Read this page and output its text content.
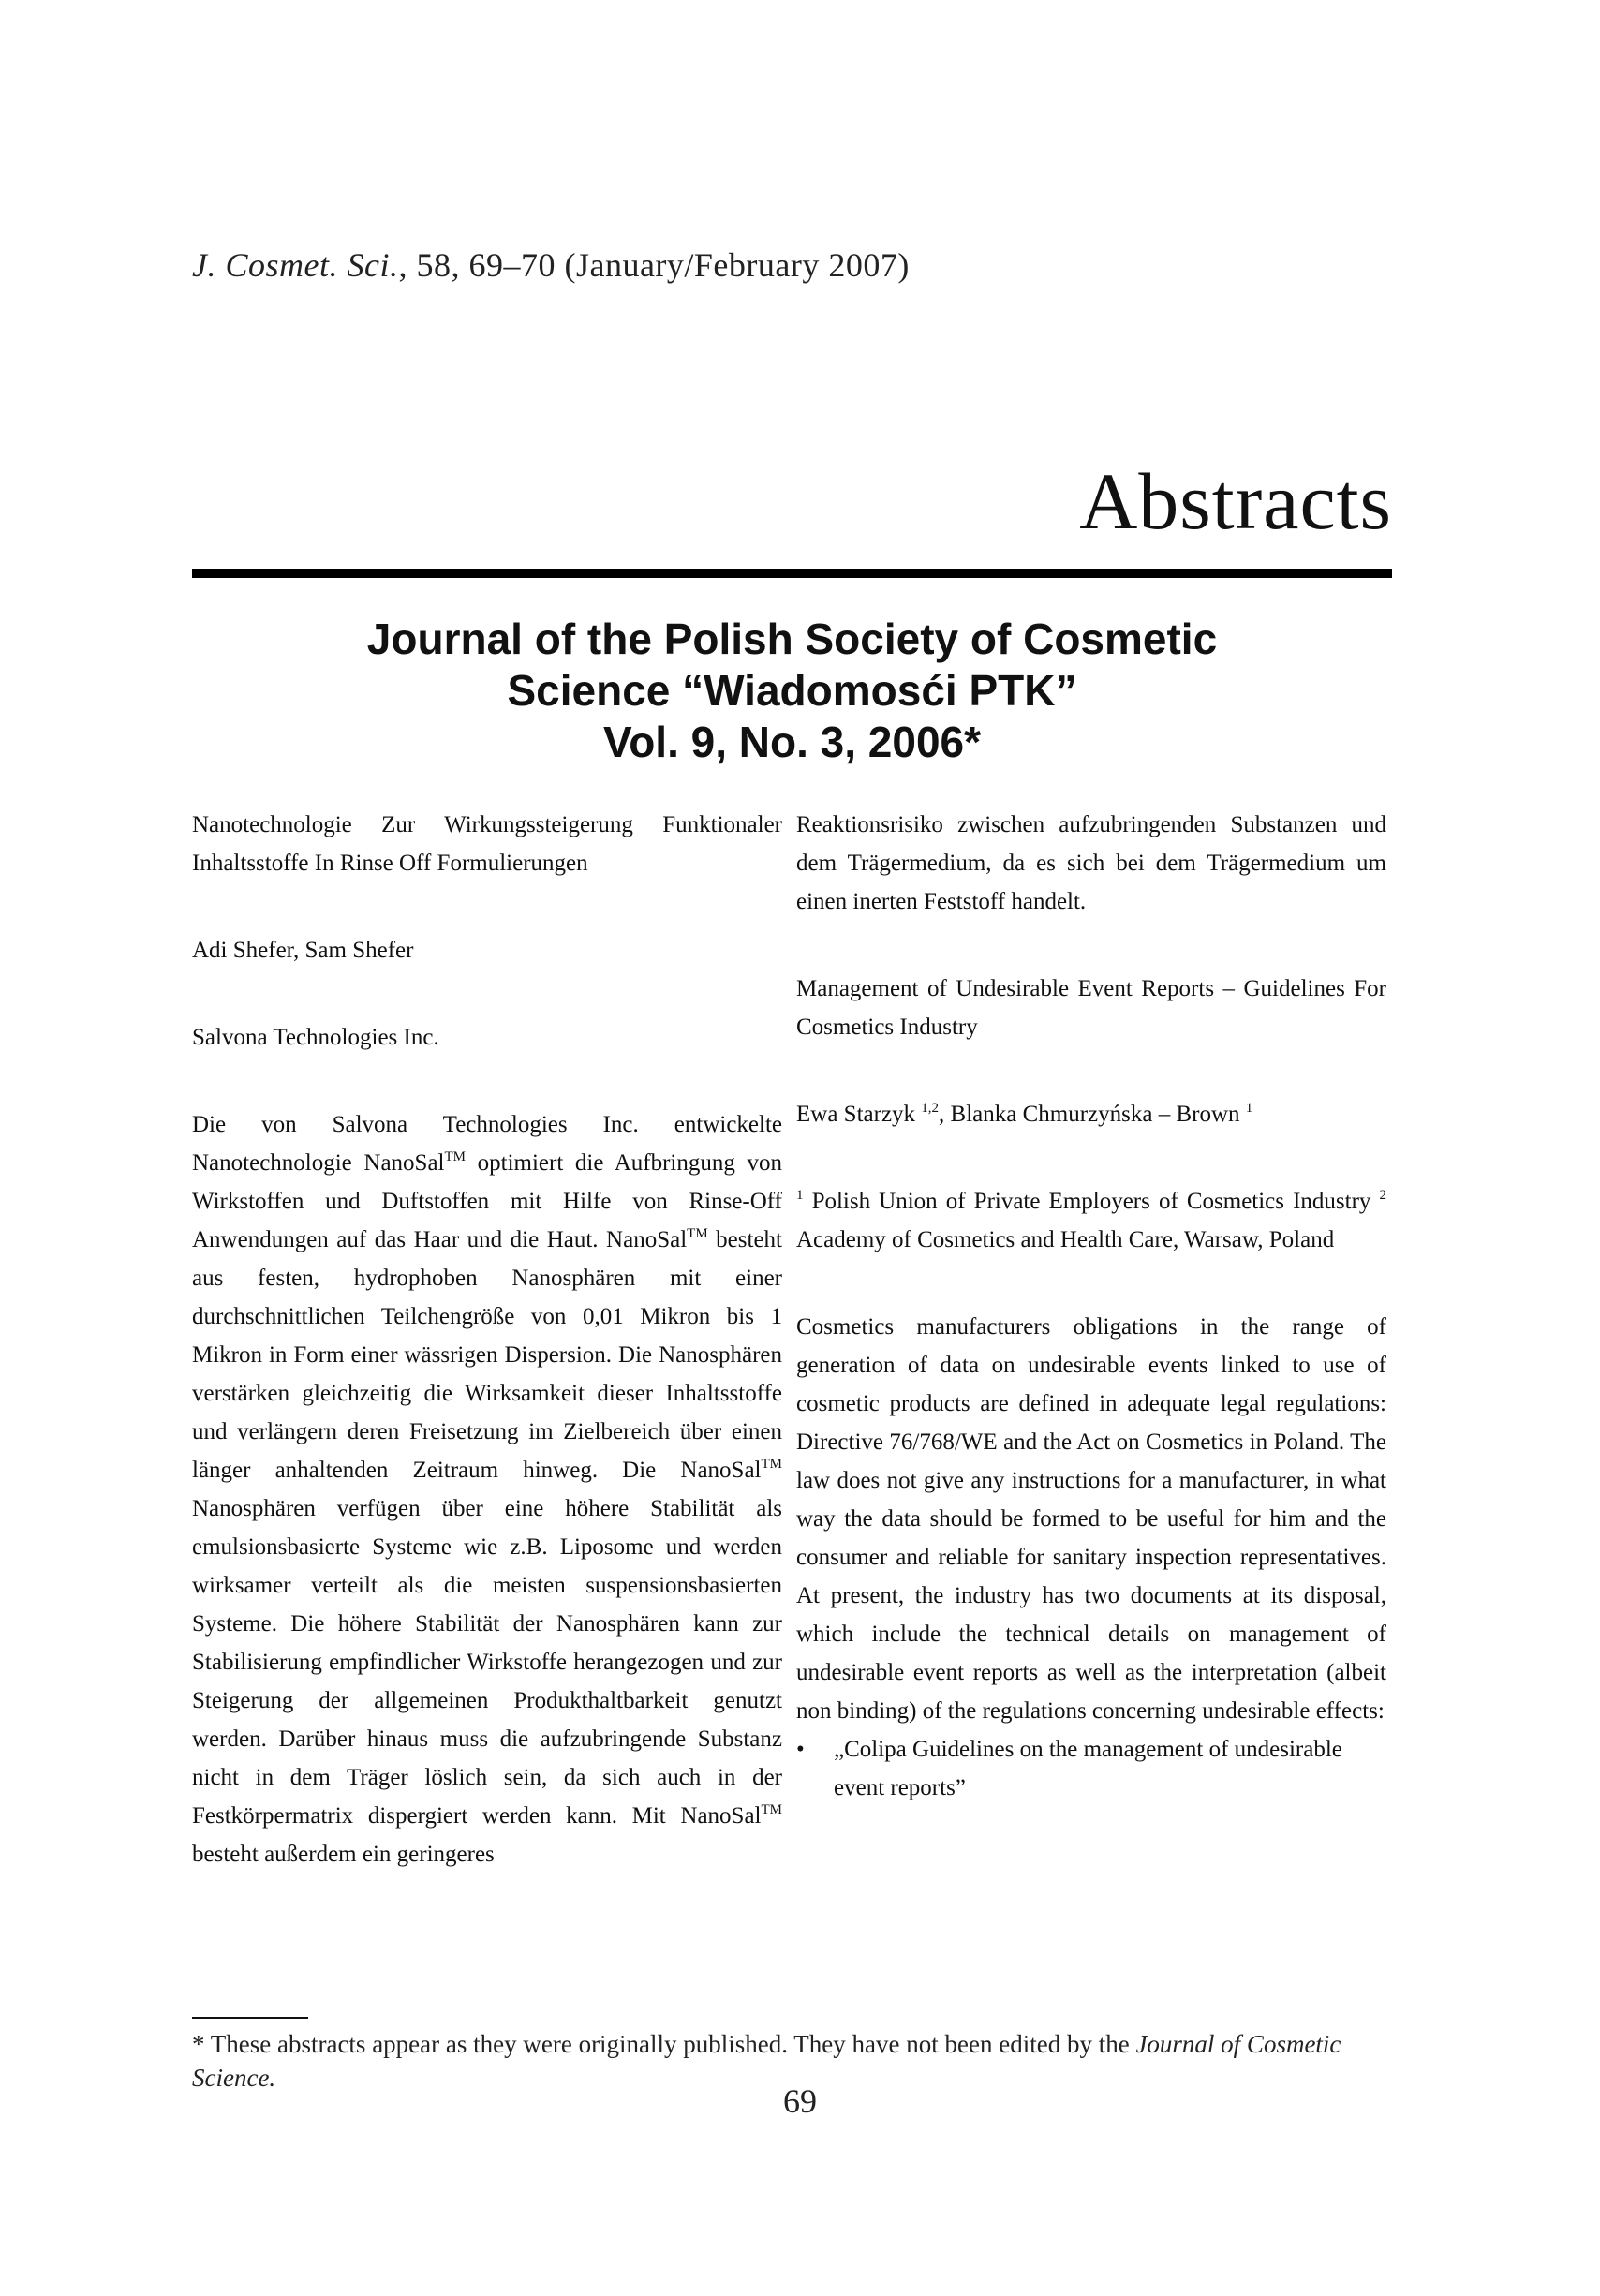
J. Cosmet. Sci., 58, 69–70 (January/February 2007)
Abstracts
Journal of the Polish Society of Cosmetic
Science “Wiadomosći PTK”
Vol. 9, No. 3, 2006*

Nanotechnologie Zur Wirkungssteigerung Funktionaler Inhaltsstoffe In Rinse Off Formulierungen

Adi Shefer, Sam Shefer

Salvona Technologies Inc.

Die von Salvona Technologies Inc. entwickelte Nanotechnologie NanoSal™ optimiert die Aufbringung von Wirkstoffen und Duftstoffen mit Hilfe von Rinse-Off Anwendungen auf das Haar und die Haut. NanoSal™ besteht aus festen, hydrophoben Nanosphären mit einer durchschnittlichen Teilchengröße von 0,01 Mikron bis 1 Mikron in Form einer wässrigen Dispersion. Die Nanosphären verstärken gleichzeitig die Wirksamkeit dieser Inhaltsstoffe und verlängern deren Freisetzung im Zielbereich über einen länger anhaltenden Zeitraum hinweg. Die NanoSal™ Nanosphären verfügen über eine höhere Stabilität als emulsionsbasierte Systeme wie z.B. Liposome und werden wirksamer verteilt als die meisten suspensionsbasierten Systeme. Die höhere Stabilität der Nanosphären kann zur Stabilisierung empfindlicher Wirkstoffe herangezogen und zur Steigerung der allgemeinen Produkthaltbarkeit genutzt werden. Darüber hinaus muss die aufzubringende Substanz nicht in dem Träger löslich sein, da sich auch in der Festkörpermatrix dispergiert werden kann. Mit NanoSal™ besteht außerdem ein geringeres

Reaktionsrisiko zwischen aufzubringenden Substanzen und dem Trägermedium, da es sich bei dem Trägermedium um einen inerten Feststoff handelt.

Management of Undesirable Event Reports – Guidelines For Cosmetics Industry

Ewa Starzyk $^{1,2}$, Blanka Chmurzyńska – Brown $^1$

$^1$ Polish Union of Private Employers of Cosmetics Industry $^2$ Academy of Cosmetics and Health Care, Warsaw, Poland

Cosmetics manufacturers obligations in the range of generation of data on undesirable events linked to use of cosmetic products are defined in adequate legal regulations: Directive 76/768/WE and the Act on Cosmetics in Poland. The law does not give any instructions for a manufacturer, in what way the data should be formed to be useful for him and the consumer and reliable for sanitary inspection representatives. At present, the industry has two documents at its disposal, which include the technical details on management of undesirable event reports as well as the interpretation (albeit non binding) of the regulations concerning undesirable effects:

•	„Colipa Guidelines on the management of undesirable event reports”
* These abstracts appear as they were originally published. They have not been edited by the Journal of Cosmetic Science.
69
